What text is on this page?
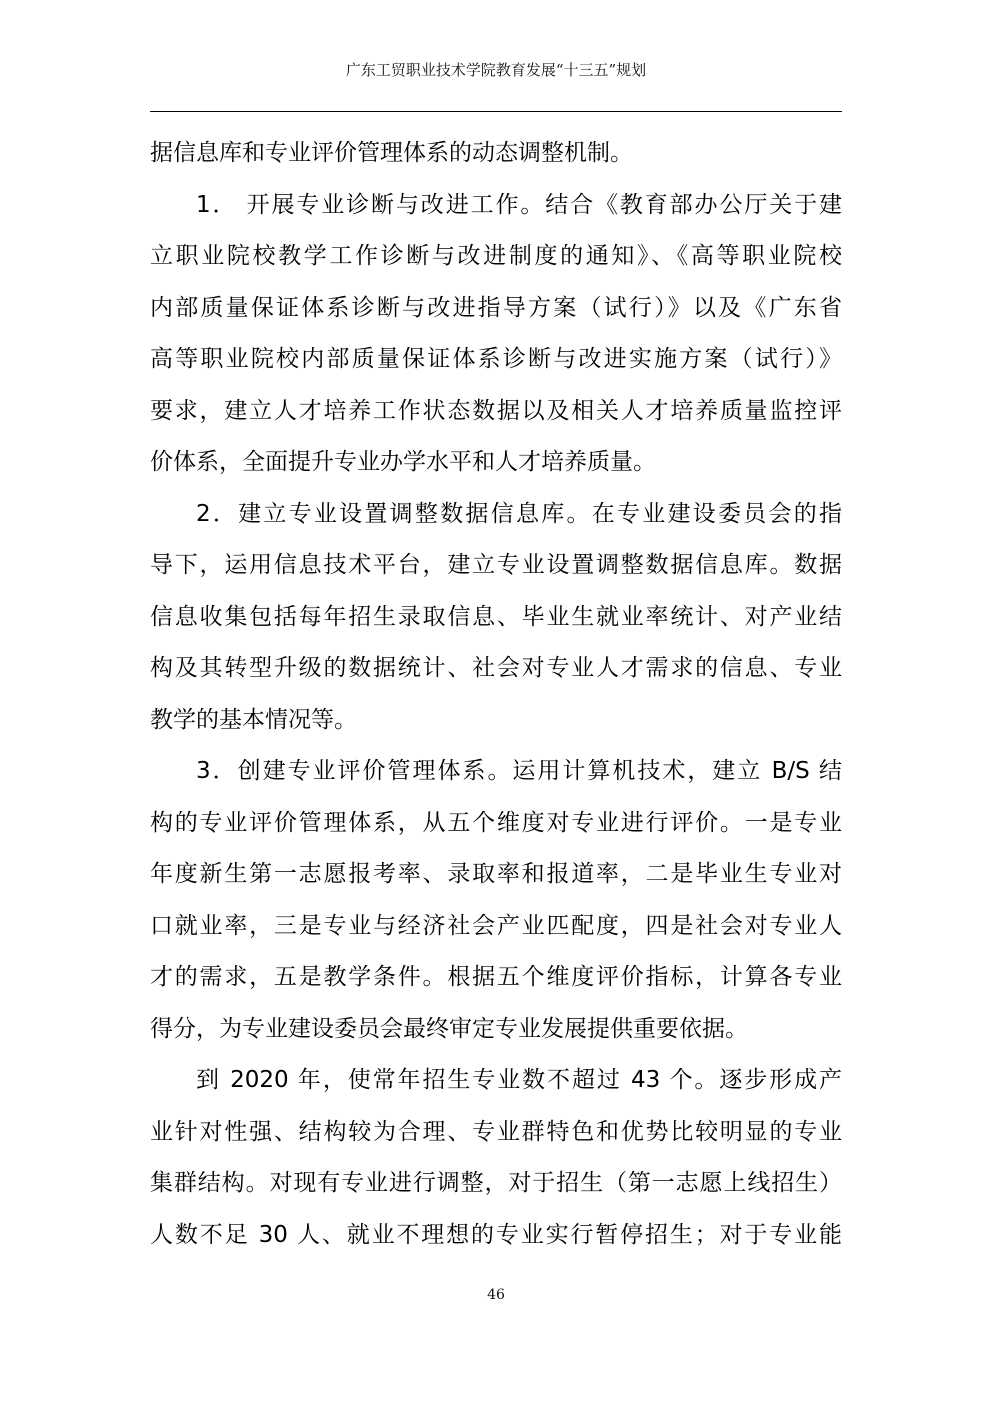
广东工贸职业技术学院教育发展“十三五”规划
据信息库和专业评价管理体系的动态调整机制。
1． 开展专业诊断与改进工作。结合《教育部办公厅关于建
立职业院校教学工作诊断与改进制度的通知》、《高等职业院校
内部质量保证体系诊断与改进指导方案（试行）》以及《广东省
高等职业院校内部质量保证体系诊断与改进实施方案（试行）》
要求，建立人才培养工作状态数据以及相关人才培养质量监控评
价体系，全面提升专业办学水平和人才培养质量。
2．建立专业设置调整数据信息库。在专业建设委员会的指
导下，运用信息技术平台，建立专业设置调整数据信息库。数据
信息收集包括每年招生录取信息、毕业生就业率统计、对产业结
构及其转型升级的数据统计、社会对专业人才需求的信息、专业
教学的基本情况等。
3．创建专业评价管理体系。运用计算机技术，建立 B/S 结
构的专业评价管理体系，从五个维度对专业进行评价。一是专业
年度新生第一志愿报考率、录取率和报道率，二是毕业生专业对
口就业率，三是专业与经济社会产业匹配度，四是社会对专业人
才的需求，五是教学条件。根据五个维度评价指标，计算各专业
得分，为专业建设委员会最终审定专业发展提供重要依据。
到 2020 年，使常年招生专业数不超过 43 个。逐步形成产
业针对性强、结构较为合理、专业群特色和优势比较明显的专业
集群结构。对现有专业进行调整，对于招生（第一志愿上线招生）
人数不足 30 人、就业不理想的专业实行暂停招生；对于专业能
46
